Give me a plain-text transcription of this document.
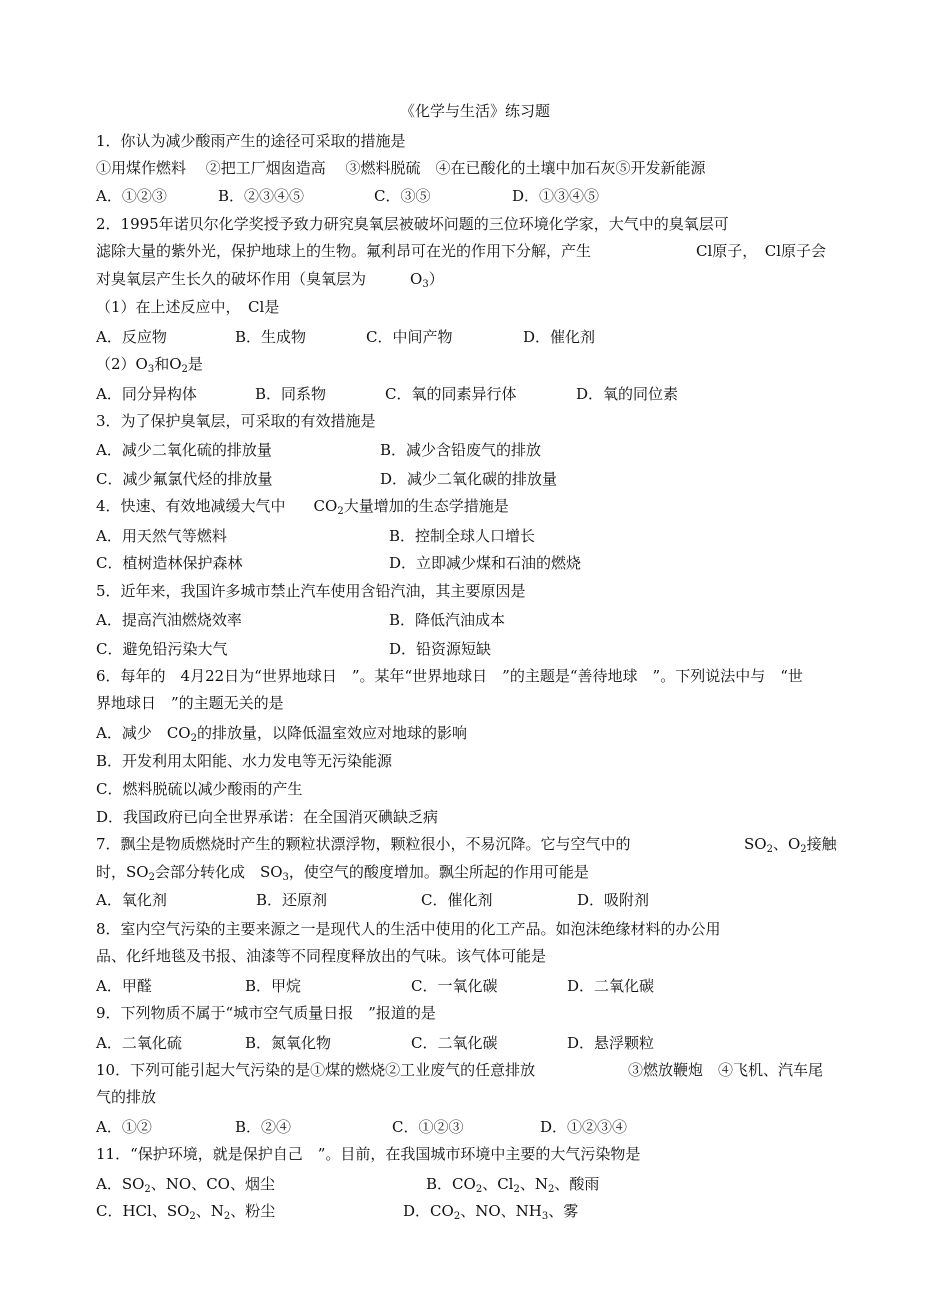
《化学与生活》练习题
1．你认为减少酸雨产生的途径可采取的措施是
①用煤作燃料　 ②把工厂烟囱造高　 ③燃料脱硫　④在已酸化的土壤中加石灰⑤开发新能源
A．①②③	B．②③④⑤	C．③⑤	D．①③④⑤
2．1995年诺贝尔化学奖授予致力研究臭氧层被破坏问题的三位环境化学家，大气中的臭氧层可
滤除大量的紫外光，保护地球上的生物。氟利昂可在光的作用下分解，产生	Cl原子，　Cl原子会
对臭氧层产生长久的破坏作用（臭氧层为	$O_3$）
（1）在上述反应中，　Cl是
A．反应物	B．生成物	C．中间产物	D．催化剂
$(2)O_3$和$O_2$是
A．同分异构体	B．同系物	C．氧的同素异行体	D．氧的同位素
3．为了保护臭氧层，可采取的有效措施是
A．减少二氧化硫的排放量	B．减少含铅废气的排放
C．减少氟氯代烃的排放量	D．减少二氧化碳的排放量
4．快速、有效地减缓大气中 $CO_2$大量增加的生态学措施是
A．用天然气等燃料	B．控制全球人口增长
C．植树造林保护森林	D．立即减少煤和石油的燃烧
5．近年来，我国许多城市禁止汽车使用含铅汽油，其主要原因是
A．提高汽油燃烧效率	B．降低汽油成本
C．避免铅污染大气	D．铅资源短缺
6．每年的　4月22日为“世界地球日　”。某年“世界地球日　”的主题是“善待地球　”。下列说法中与　“世
界地球日　”的主题无关的是
A．减少　$CO_2$的排放量，以降低温室效应对地球的影响
B．开发利用太阳能、水力发电等无污染能源
C．燃料脱硫以减少酸雨的产生
D．我国政府已向全世界承诺：在全国消灭碘缺乏病
7．飘尘是物质燃烧时产生的颗粒状漂浮物，颗粒很小，不易沉降。它与空气中的	$SO_2$、$O_2$接触
时，$SO_2$会部分转化成　$SO_3$，使空气的酸度增加。飘尘所起的作用可能是
A．氧化剂	B．还原剂	C．催化剂	D．吸附剂
8．室内空气污染的主要来源之一是现代人的生活中使用的化工产品。如泡沫绝缘材料的办公用
品、化纤地毯及书报、油漆等不同程度释放出的气味。该气体可能是
A．甲醛	B．甲烷	C．一氧化碳	D．二氧化碳
9．下列物质不属于“城市空气质量日报　”报道的是
A．二氧化硫	B．氮氧化物	C．二氧化碳	D．悬浮颗粒
10．下列可能引起大气污染的是①煤的燃烧②工业废气的任意排放	③燃放鞭炮　④飞机、汽车尾
气的排放
A．①②	B．②④	C．①②③	D．①②③④
11．“保护环境，就是保护自己　”。目前，在我国城市环境中主要的大气污染物是
A．$SO_2$、NO、CO、烟尘	B．$CO_2$、$Cl_2$、$N_2$、酸雨
C．HCl、$SO_2$、$N_2$、粉尘	D．$CO_2$、NO、$NH_3$、雾
